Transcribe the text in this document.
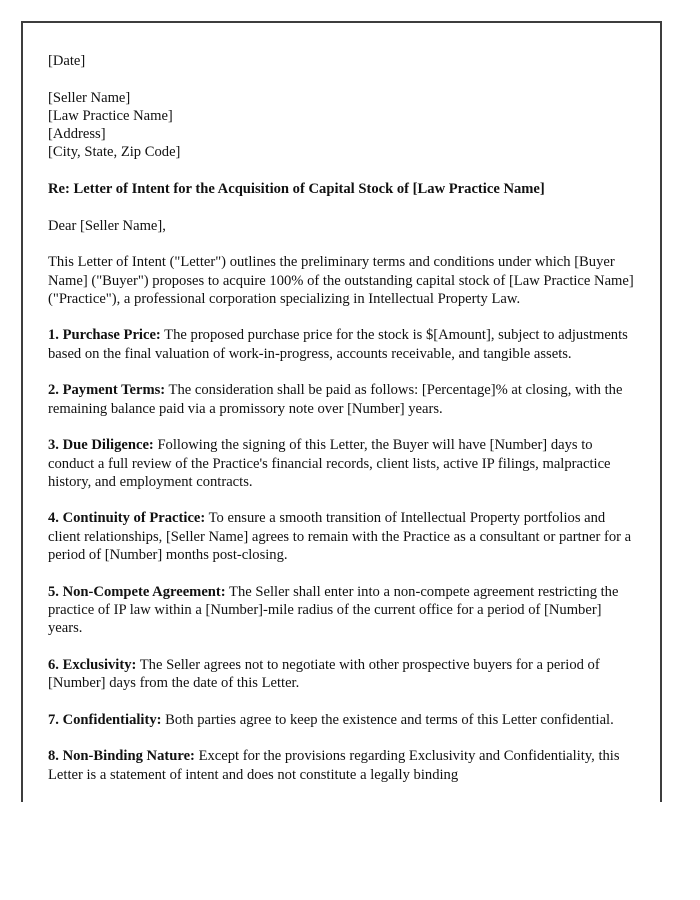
[Date]

[Seller Name]
[Law Practice Name]
[Address]
[City, State, Zip Code]

Re: Letter of Intent for the Acquisition of Capital Stock of [Law Practice Name]

Dear [Seller Name],

This Letter of Intent ("Letter") outlines the preliminary terms and conditions under which [Buyer Name] ("Buyer") proposes to acquire 100% of the outstanding capital stock of [Law Practice Name] ("Practice"), a professional corporation specializing in Intellectual Property Law.

1. Purchase Price: The proposed purchase price for the stock is $[Amount], subject to adjustments based on the final valuation of work-in-progress, accounts receivable, and tangible assets.

2. Payment Terms: The consideration shall be paid as follows: [Percentage]% at closing, with the remaining balance paid via a promissory note over [Number] years.

3. Due Diligence: Following the signing of this Letter, the Buyer will have [Number] days to conduct a full review of the Practice's financial records, client lists, active IP filings, malpractice history, and employment contracts.

4. Continuity of Practice: To ensure a smooth transition of Intellectual Property portfolios and client relationships, [Seller Name] agrees to remain with the Practice as a consultant or partner for a period of [Number] months post-closing.

5. Non-Compete Agreement: The Seller shall enter into a non-compete agreement restricting the practice of IP law within a [Number]-mile radius of the current office for a period of [Number] years.

6. Exclusivity: The Seller agrees not to negotiate with other prospective buyers for a period of [Number] days from the date of this Letter.

7. Confidentiality: Both parties agree to keep the existence and terms of this Letter confidential.

8. Non-Binding Nature: Except for the provisions regarding Exclusivity and Confidentiality, this Letter is a statement of intent and does not constitute a legally binding
